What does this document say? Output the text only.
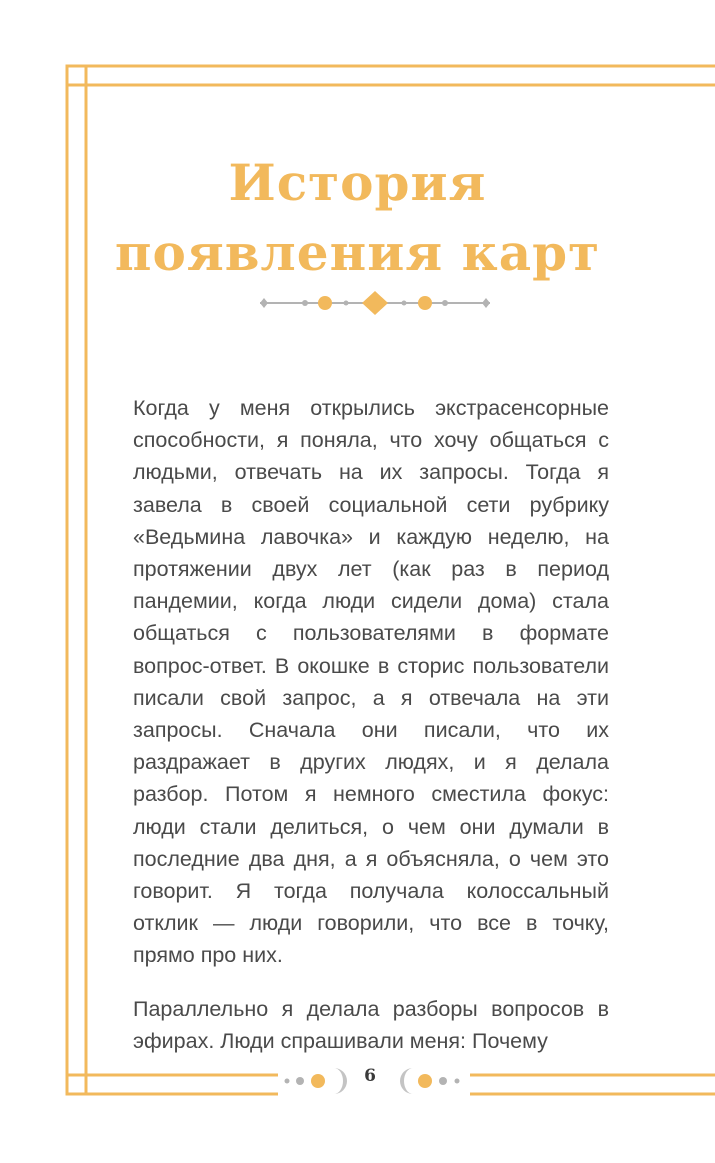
История
появления карт

Когда у меня открылись экстрасенсорные способности, я поняла, что хочу общаться с людьми, отвечать на их запросы. Тогда я завела в своей социальной сети рубрику «Ведьмина лавочка» и каждую неделю, на протяжении двух лет (как раз в период пандемии, когда люди сидели дома) стала общаться с пользователями в формате вопрос-ответ. В окошке в сторис пользователи писали свой запрос, а я отвечала на эти запросы. Сначала они писали, что их раздражает в других людях, и я делала разбор. Потом я немного сместила фокус: люди стали делиться, о чем они думали в последние два дня, а я объясняла, о чем это говорит. Я тогда получала колоссальный отклик — люди говорили, что все в точку, прямо про них.

Параллельно я делала разборы вопросов в эфирах. Люди спрашивали меня: Почему

6
